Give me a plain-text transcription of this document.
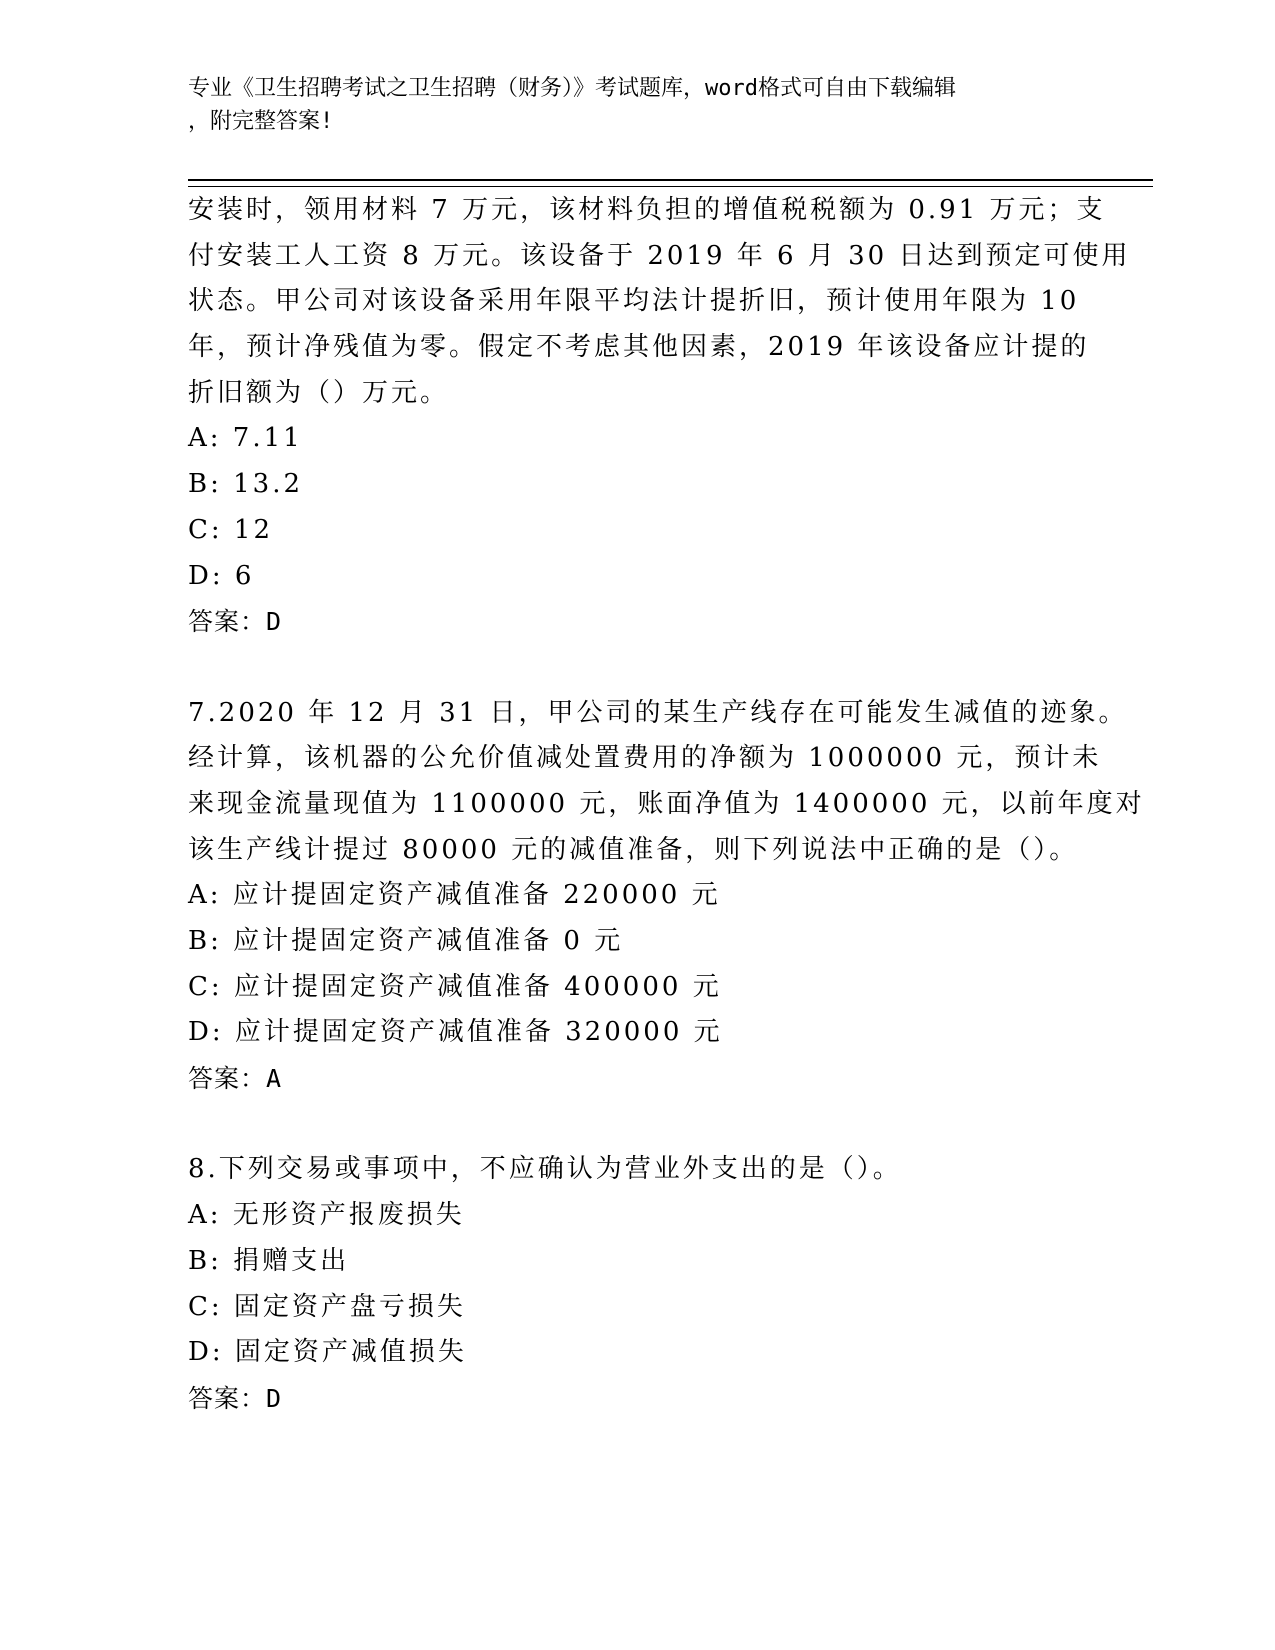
专业《卫生招聘考试之卫生招聘（财务）》考试题库，word格式可自由下载编辑
，附完整答案!
安装时，领用材料 7 万元，该材料负担的增值税税额为 0.91 万元；支
付安装工人工资 8 万元。该设备于 2019 年 6 月 30 日达到预定可使用
状态。甲公司对该设备采用年限平均法计提折旧，预计使用年限为 10
年，预计净残值为零。假定不考虑其他因素，2019 年该设备应计提的
折旧额为（）万元。
A: 7.11
B: 13.2
C: 12
D: 6
答案：D
7.2020 年 12 月 31 日，甲公司的某生产线存在可能发生减值的迹象。
经计算，该机器的公允价值减处置费用的净额为 1000000 元，预计未
来现金流量现值为 1100000 元，账面净值为 1400000 元，以前年度对
该生产线计提过 80000 元的减值准备，则下列说法中正确的是（）。
A: 应计提固定资产减值准备 220000 元
B: 应计提固定资产减值准备 0 元
C: 应计提固定资产减值准备 400000 元
D: 应计提固定资产减值准备 320000 元
答案：A
8.下列交易或事项中，不应确认为营业外支出的是（）。
A: 无形资产报废损失
B: 捐赠支出
C: 固定资产盘亏损失
D: 固定资产减值损失
答案：D
